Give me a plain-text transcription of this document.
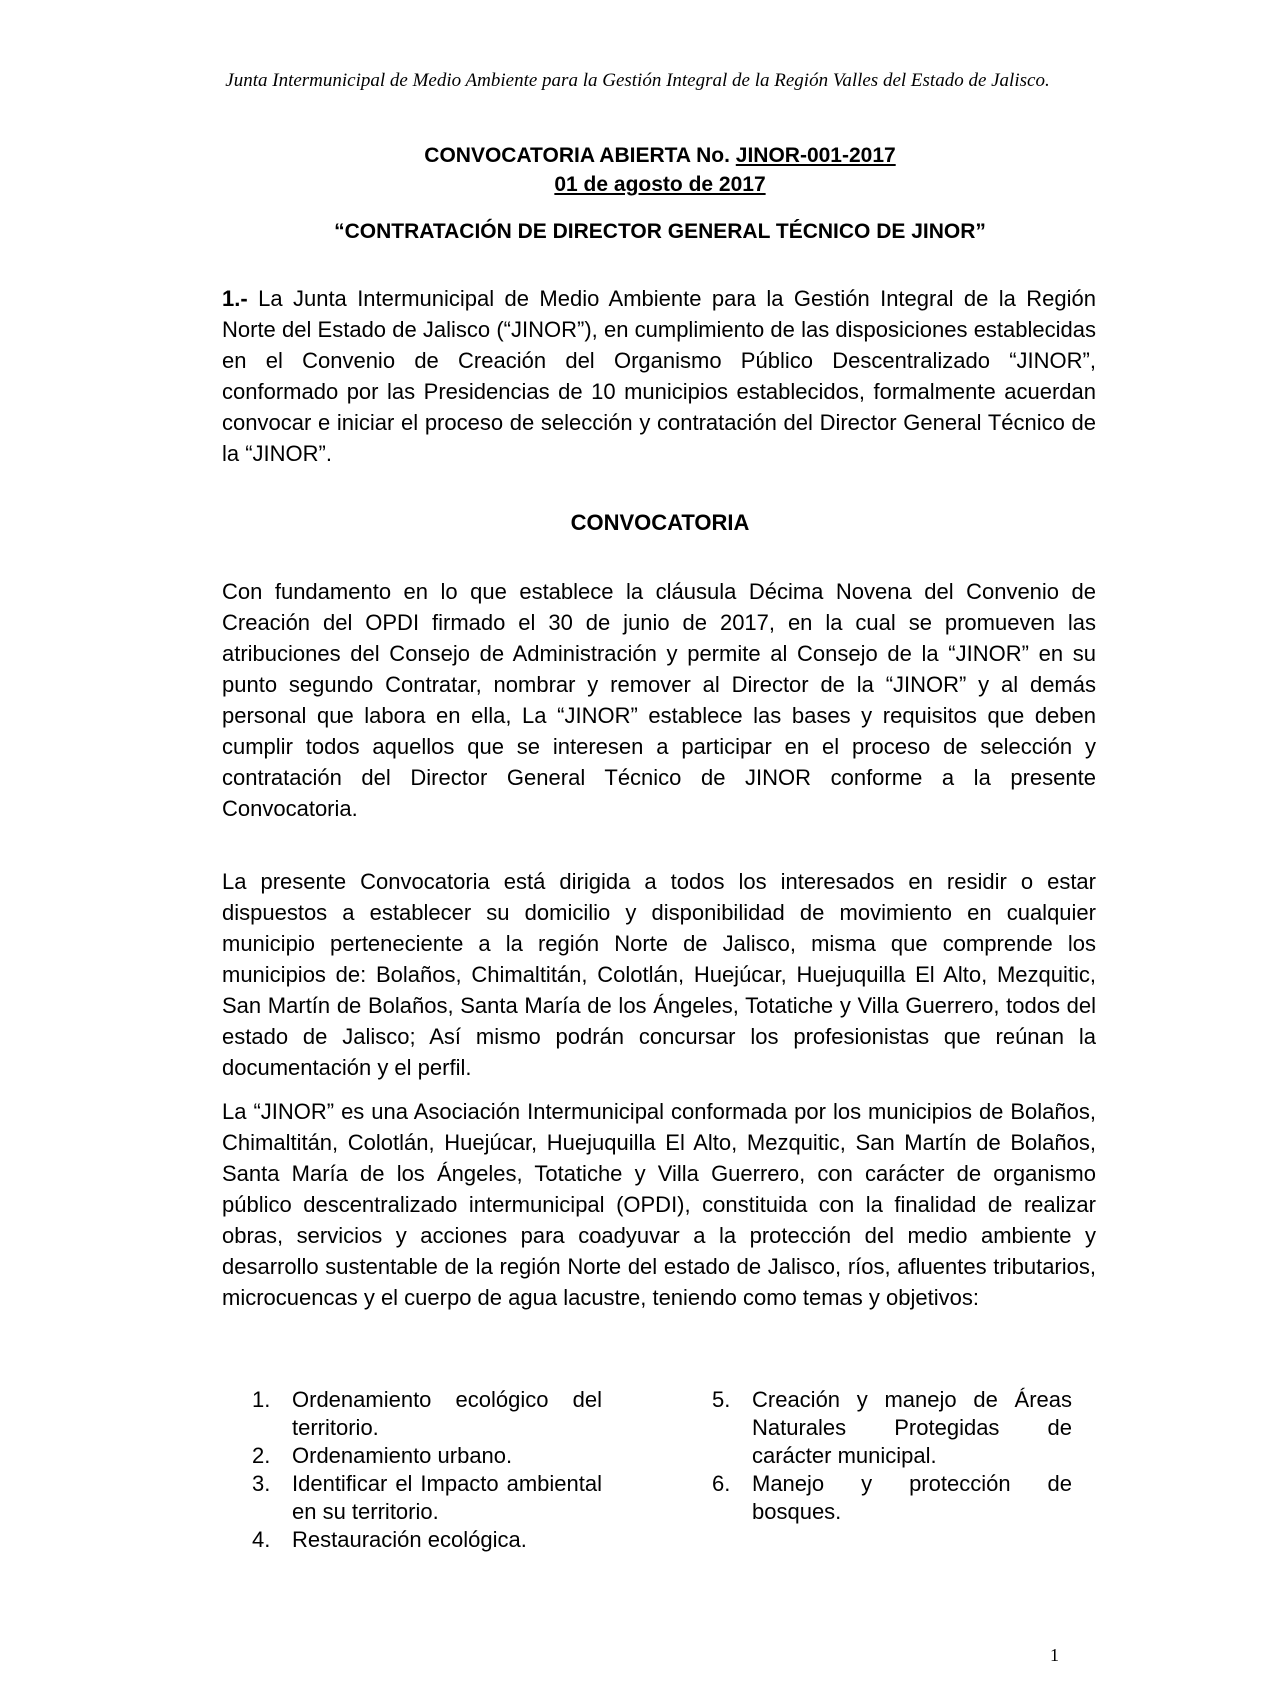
Junta Intermunicipal de Medio Ambiente para la Gestión Integral de la Región Valles del Estado de Jalisco.
CONVOCATORIA ABIERTA No. JINOR-001-2017
01 de agosto de 2017
“CONTRATACIÓN DE DIRECTOR GENERAL TÉCNICO DE JINOR”

1.- La Junta Intermunicipal de Medio Ambiente para la Gestión Integral de la Región Norte del Estado de Jalisco (“JINOR”), en cumplimiento de las disposiciones establecidas en el Convenio de Creación del Organismo Público Descentralizado “JINOR”, conformado por las Presidencias de 10 municipios establecidos, formalmente acuerdan convocar e iniciar el proceso de selección y contratación del Director General Técnico de la “JINOR”.

CONVOCATORIA

Con fundamento en lo que establece la cláusula Décima Novena del Convenio de Creación del OPDI firmado el 30 de junio de 2017, en la cual se promueven las atribuciones del Consejo de Administración y permite al Consejo de la “JINOR” en su punto segundo Contratar, nombrar y remover al Director de la “JINOR” y al demás personal que labora en ella, La “JINOR” establece las bases y requisitos que deben cumplir todos aquellos que se interesen a participar en el proceso de selección y contratación del Director General Técnico de JINOR conforme a la presente Convocatoria.

La presente Convocatoria está dirigida a todos los interesados en residir o estar dispuestos a establecer su domicilio y disponibilidad de movimiento en cualquier municipio perteneciente a la región Norte de Jalisco, misma que comprende los municipios de: Bolaños, Chimaltitán, Colotlán, Huejúcar, Huejuquilla El Alto, Mezquitic, San Martín de Bolaños, Santa María de los Ángeles, Totatiche y Villa Guerrero, todos del estado de Jalisco; Así mismo podrán concursar los profesionistas que reúnan la documentación y el perfil.

La “JINOR” es una Asociación Intermunicipal conformada por los municipios de Bolaños, Chimaltitán, Colotlán, Huejúcar, Huejuquilla El Alto, Mezquitic, San Martín de Bolaños, Santa María de los Ángeles, Totatiche y Villa Guerrero, con carácter de organismo público descentralizado intermunicipal (OPDI), constituida con la finalidad de realizar obras, servicios y acciones para coadyuvar a la protección del medio ambiente y desarrollo sustentable de la región Norte del estado de Jalisco, ríos, afluentes tributarios, microcuencas y el cuerpo de agua lacustre, teniendo como temas y objetivos:

1. Ordenamiento ecológico del territorio.
2. Ordenamiento urbano.
3. Identificar el Impacto ambiental en su territorio.
4. Restauración ecológica.
5. Creación y manejo de Áreas Naturales Protegidas de carácter municipal.
6. Manejo y protección de bosques.
1
